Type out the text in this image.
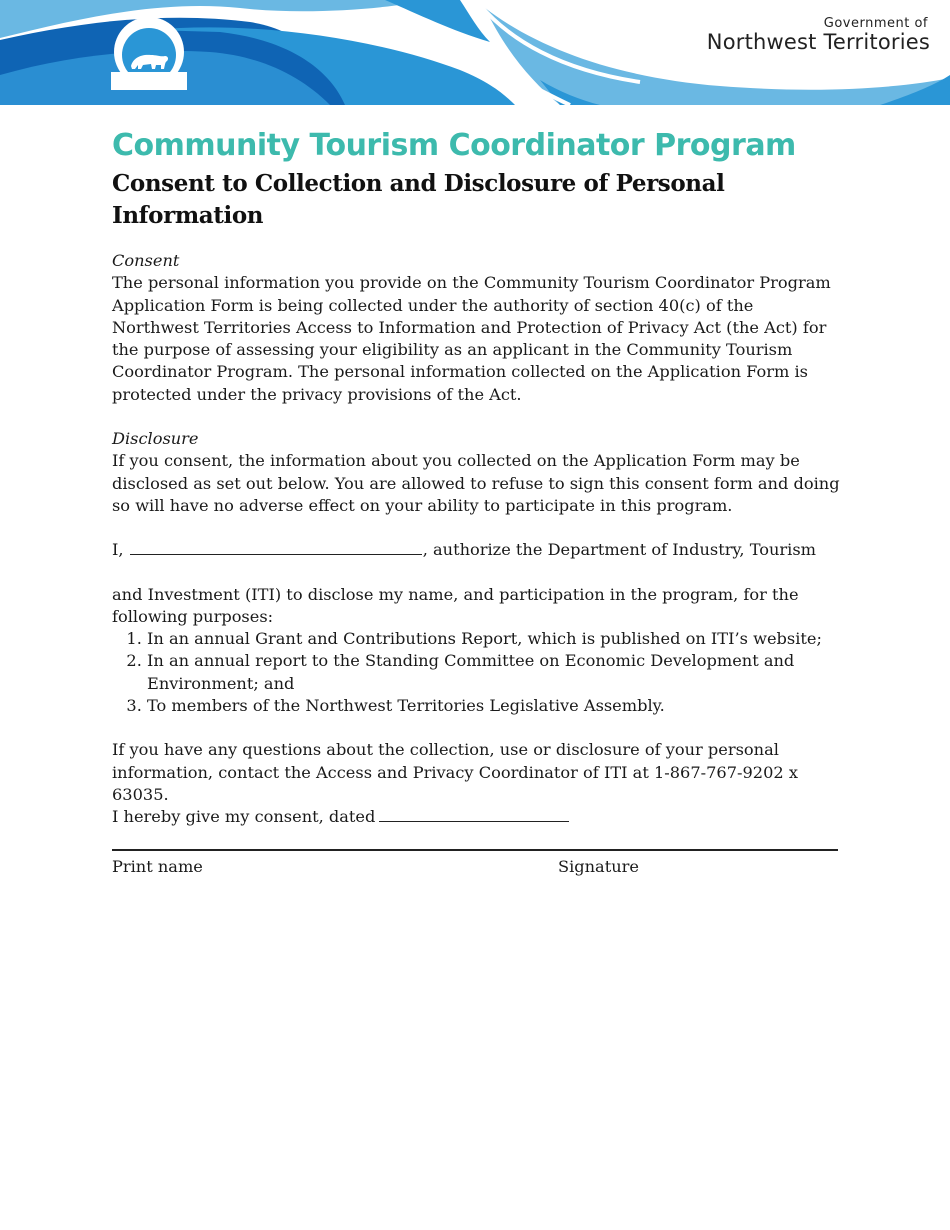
Government of
Northwest Territories
Community Tourism Coordinator Program
Consent to Collection and Disclosure of Personal Information

Consent

The personal information you provide on the Community Tourism Coordinator Program Application Form is being collected under the authority of section 40(c) of the Northwest Territories Access to Information and Protection of Privacy Act (the Act) for the purpose of assessing your eligibility as an applicant in the Community Tourism Coordinator Program. The personal information collected on the Application Form is protected under the privacy provisions of the Act.

Disclosure

If you consent, the information about you collected on the Application Form may be disclosed as set out below. You are allowed to refuse to sign this consent form and doing so will have no adverse effect on your ability to participate in this program.

I,	, authorize the Department of Industry, Tourism

and Investment (ITI) to disclose my name, and participation in the program, for the following purposes:

1. In an annual Grant and Contributions Report, which is published on ITI’s website;
2. In an annual report to the Standing Committee on Economic Development and Environment; and
3. To members of the Northwest Territories Legislative Assembly.

If you have any questions about the collection, use or disclosure of your personal information, contact the Access and Privacy Coordinator of ITI at 1-867-767-9202 x 63035.

I hereby give my consent, dated

Print name	Signature
